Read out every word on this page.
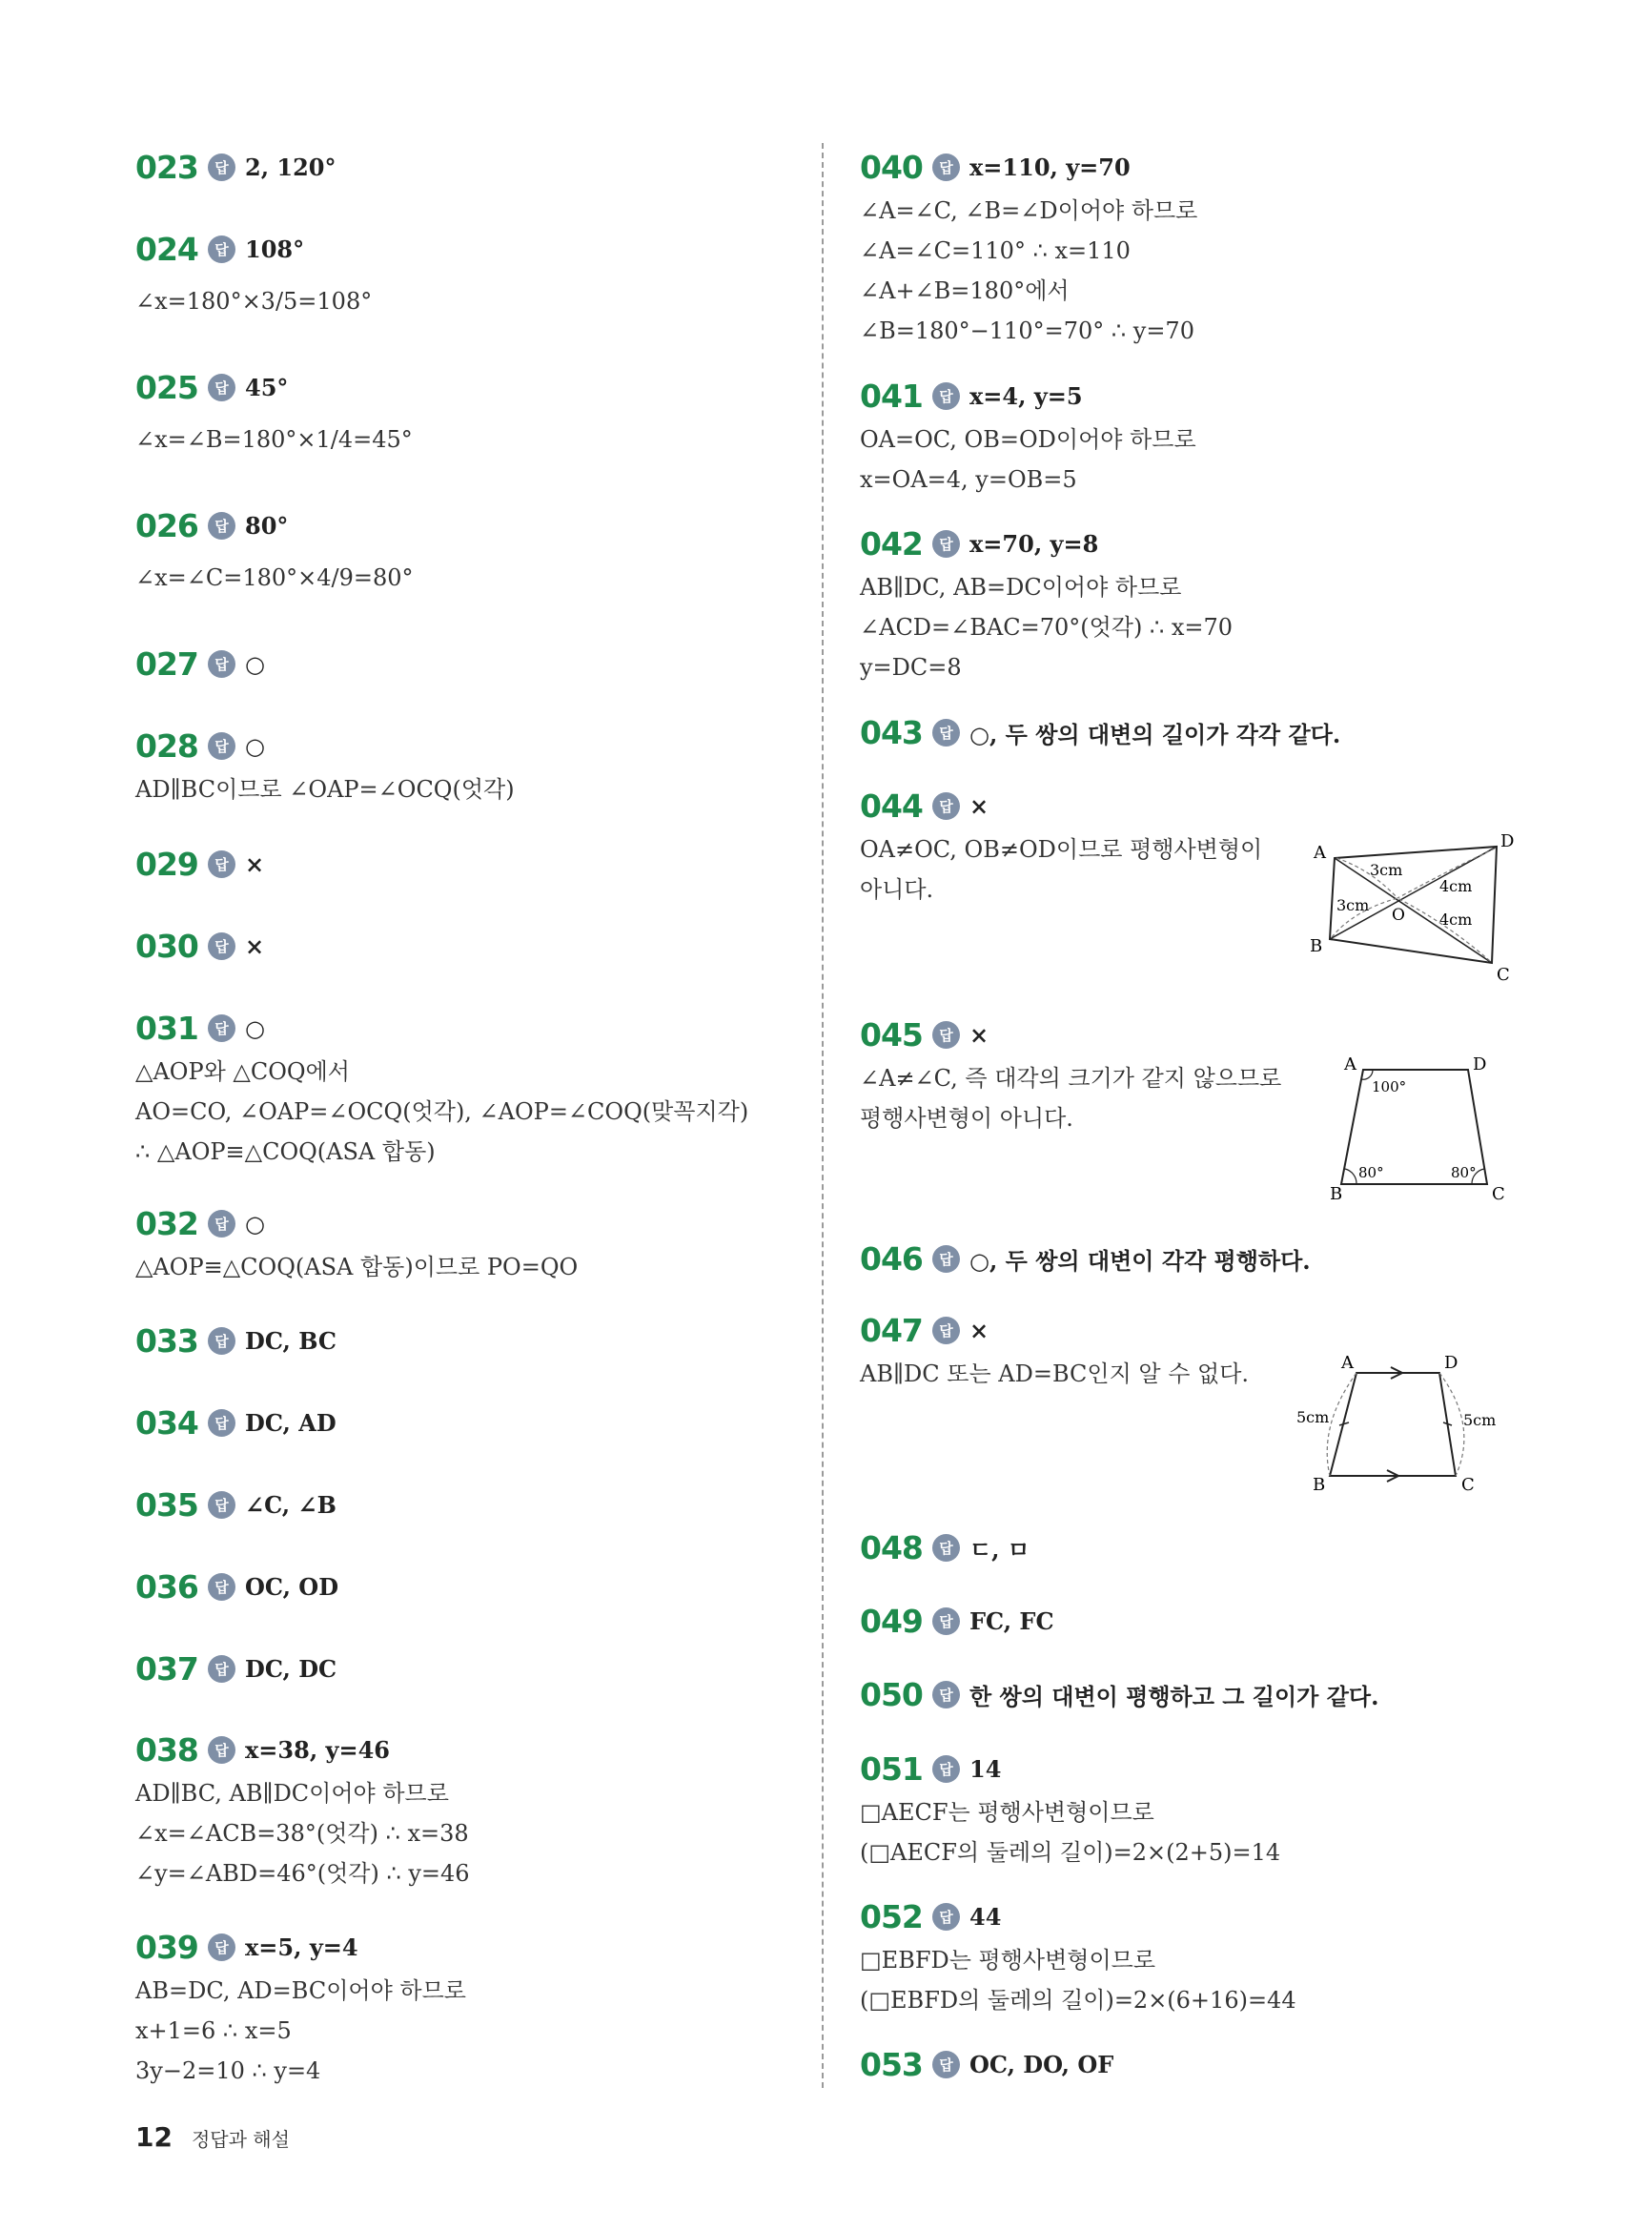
023	답 2, 120°
024	답 108°
∠x=180°×3/5=108°
025	답 45°
∠x=∠B=180°×1/4=45°
026	답 80°
∠x=∠C=180°×4/9=80°
027	답 ○
028	답 ○
AD∥BC이므로 ∠OAP=∠OCQ(엇각)
029	답 ×
030	답 ×
031	답 ○
△AOP와 △COQ에서
AO=CO, ∠OAP=∠OCQ(엇각), ∠AOP=∠COQ(맞꼭지각)
∴ △AOP≡△COQ(ASA 합동)
032	답 ○
△AOP≡△COQ(ASA 합동)이므로 PO=QO
033	답 DC, BC
034	답 DC, AD
035	답 ∠C, ∠B
036	답 OC, OD
037	답 DC, DC
038	답 x=38, y=46
AD∥BC, AB∥DC이어야 하므로
∠x=∠ACB=38°(엇각) ∴ x=38
∠y=∠ABD=46°(엇각) ∴ y=46
039	답 x=5, y=4
AB=DC, AD=BC이어야 하므로
x+1=6 ∴ x=5
3y−2=10 ∴ y=4
040	답 x=110, y=70
∠A=∠C, ∠B=∠D이어야 하므로
∠A=∠C=110° ∴ x=110
∠A+∠B=180°에서
∠B=180°−110°=70° ∴ y=70
041	답 x=4, y=5
OA=OC, OB=OD이어야 하므로
x=OA=4, y=OB=5
042	답 x=70, y=8
AB∥DC, AB=DC이어야 하므로
∠ACD=∠BAC=70°(엇각) ∴ x=70
y=DC=8
043	답 ○, 두 쌍의 대변의 길이가 각각 같다.
044	답 ×
OA≠OC, OB≠OD이므로 평행사변형이
아니다.
045	답 ×
∠A≠∠C, 즉 대각의 크기가 같지 않으므로
평행사변형이 아니다.
046	답 ○, 두 쌍의 대변이 각각 평행하다.
047	답 ×
AB∥DC 또는 AD=BC인지 알 수 없다.
048	답 ㄷ, ㅁ
049	답 FC, FC
050	답 한 쌍의 대변이 평행하고 그 길이가 같다.
051	답 14
□AECF는 평행사변형이므로
(□AECF의 둘레의 길이)=2×(2+5)=14
052	답 44
□EBFD는 평행사변형이므로
(□EBFD의 둘레의 길이)=2×(6+16)=44
053	답 OC, DO, OF
A
D
B
C
O
3cm
3cm
4cm
4cm
A	D
B	C
100°
80°	80°
A	D
B	C
5cm	5cm
12 정답과 해설
